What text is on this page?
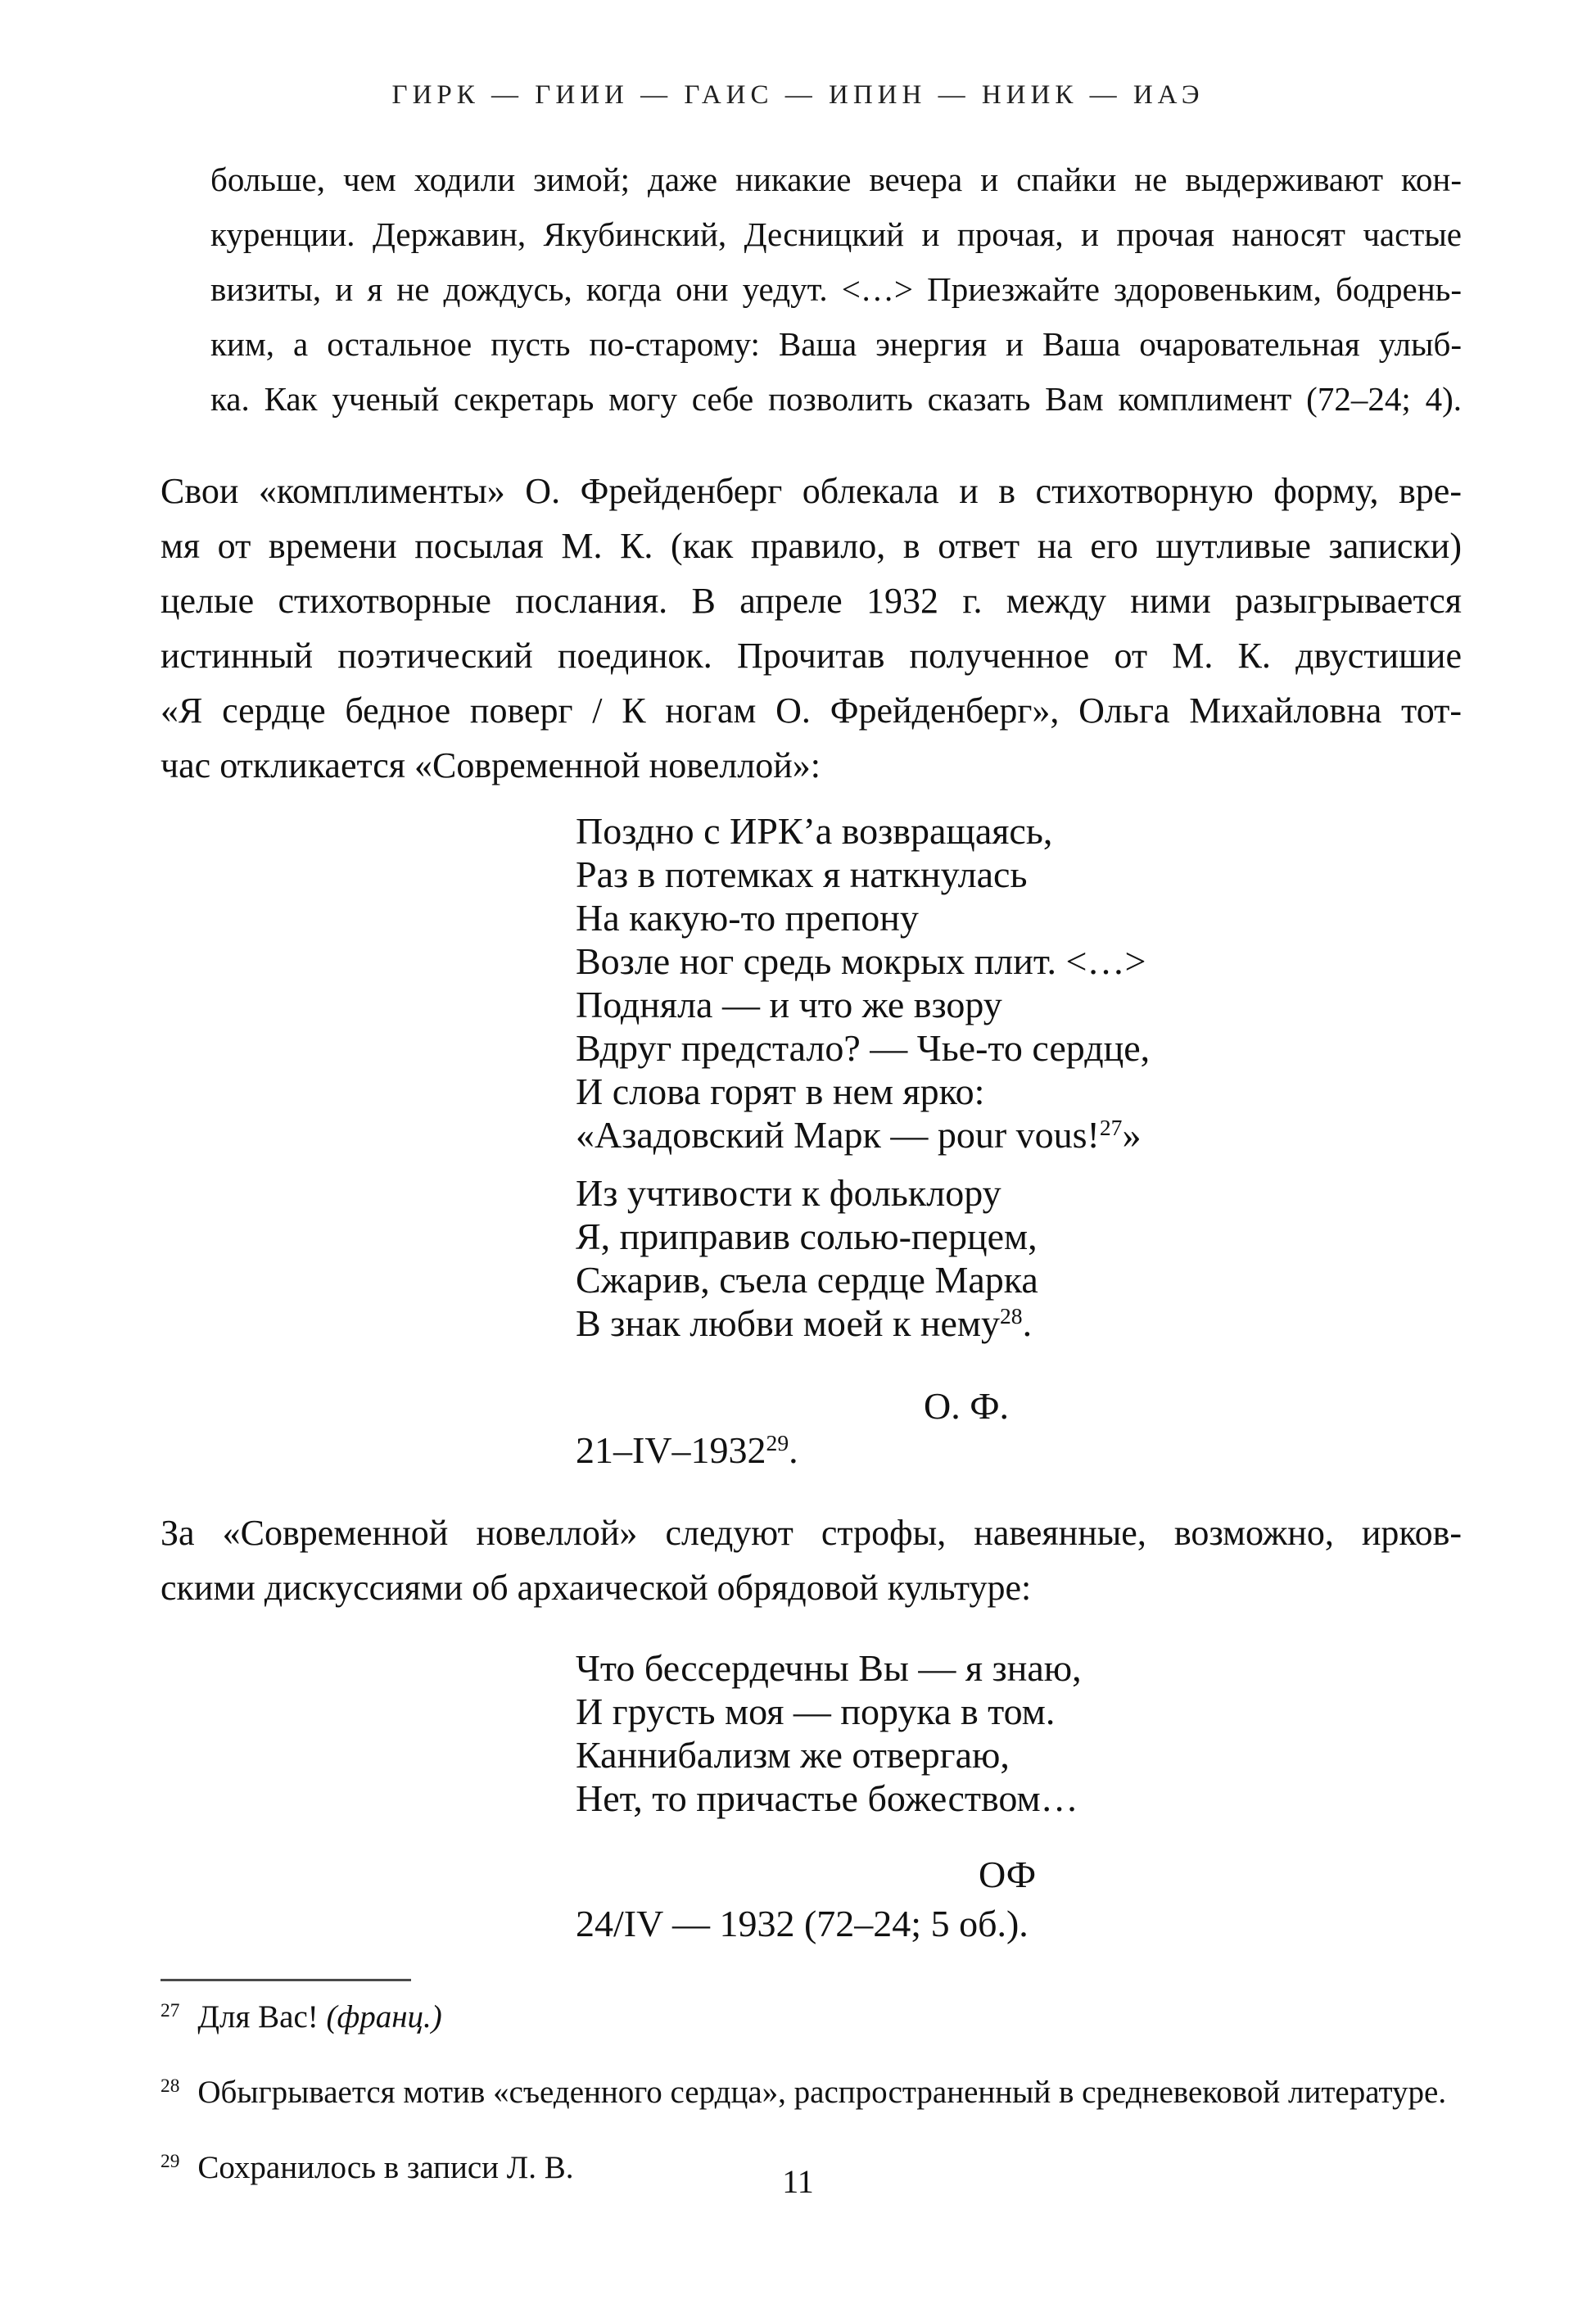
ГИРК — ГИИИ — ГАИС — ИПИН — НИИК — ИАЭ
больше, чем ходили зимой; даже никакие вечера и спайки не выдерживают кон-
куренции. Державин, Якубинский, Десницкий и прочая, и прочая наносят частые
визиты, и я не дождусь, когда они уедут. <…> Приезжайте здоровеньким, бодрень-
ким, а остальное пусть по-старому: Ваша энергия и Ваша очаровательная улыб-
ка. Как ученый секретарь могу себе позволить сказать Вам комплимент (72–24; 4).
Свои «комплименты» О. Фрейденберг облекала и в стихотворную форму, вре-
мя от времени посылая М. К. (как правило, в ответ на его шутливые записки)
целые стихотворные послания. В апреле 1932 г. между ними разыгрывается
истинный поэтический поединок. Прочитав полученное от М. К. двустишие
«Я сердце бедное поверг / К ногам О. Фрейденберг», Ольга Михайловна тот-
час откликается «Современной новеллой»:
Поздно с ИРК’а возвращаясь,
Раз в потемках я наткнулась
На какую-то препону
Возле ног средь мокрых плит. <…>
Подняла — и что же взору
Вдруг предстало? — Чье-то сердце,
И слова горят в нем ярко:
«Азадовский Марк — pour vous!$^{27}$»
Из учтивости к фольклору
Я, приправив солью-перцем,
Сжарив, съела сердце Марка
В знак любви моей к нему$^{28}$.
О. Ф.
21–IV–1932$^{29}$.
За «Современной новеллой» следуют строфы, навеянные, возможно, ирков-
скими дискуссиями об архаической обрядовой культуре:
Что бессердечны Вы — я знаю,
И грусть моя — порука в том.
Каннибализм же отвергаю,
Нет, то причастье божеством…
ОФ
24/IV — 1932 (72–24; 5 об.).
$^{27}$ Для Вас! (франц.)
$^{28}$ Обыгрывается мотив «съеденного сердца», распространенный в средневековой литературе.
$^{29}$ Сохранилось в записи Л. В.	11
